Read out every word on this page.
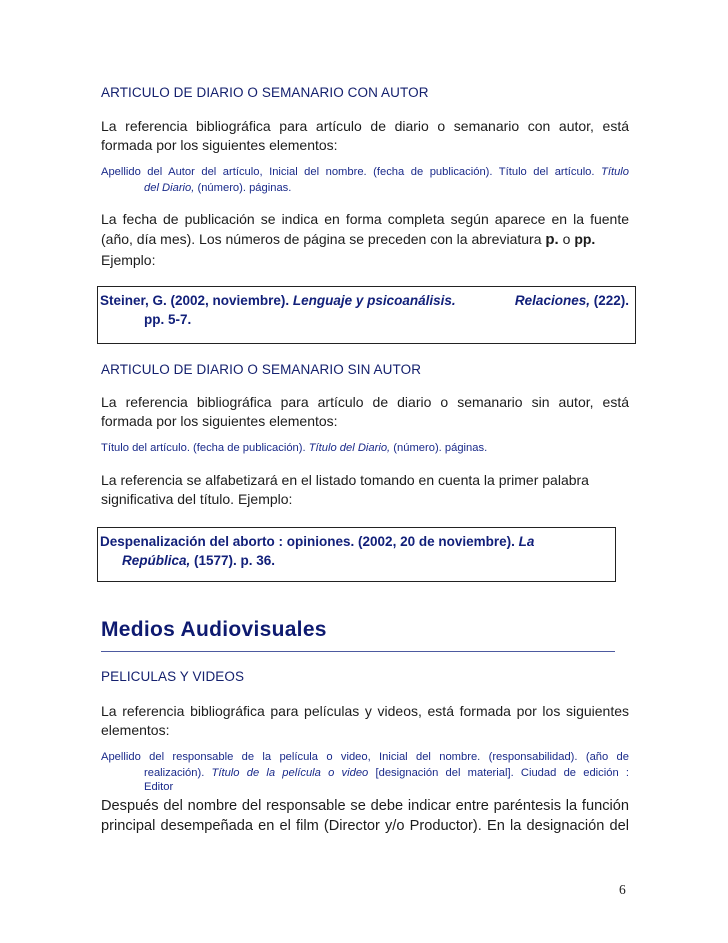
ARTICULO DE DIARIO O SEMANARIO CON AUTOR
La referencia bibliográfica para artículo de diario o semanario con autor, está
formada por los siguientes elementos:
Apellido del Autor del artículo, Inicial del nombre. (fecha de publicación). Título del artículo. Título
del Diario, (número). páginas.
La fecha de publicación se indica en forma completa según aparece en la fuente
(año, día mes). Los números de página se preceden con la abreviatura p. o pp.
Ejemplo:
Steiner, G. (2002, noviembre). Lenguaje y psicoanálisis.	Relaciones, (222).
pp. 5-7.
ARTICULO DE DIARIO O SEMANARIO SIN AUTOR
La referencia bibliográfica para artículo de diario o semanario sin autor, está
formada por los siguientes elementos:
Título del artículo. (fecha de publicación). Título del Diario, (número). páginas.
La referencia se alfabetizará en el listado tomando en cuenta la primer palabra
significativa del título. Ejemplo:
Despenalización del aborto : opiniones. (2002, 20 de noviembre). La
República, (1577). p. 36.
Medios Audiovisuales
PELICULAS Y VIDEOS
La referencia bibliográfica para películas y videos, está formada por los siguientes
elementos:
Apellido del responsable de la película o video, Inicial del nombre. (responsabilidad). (año de
realización). Título de la película o video [designación del material]. Ciudad de edición :
Editor
Después del nombre del responsable se debe indicar entre paréntesis la función
principal desempeñada en el film (Director y/o Productor). En la designación del
6
